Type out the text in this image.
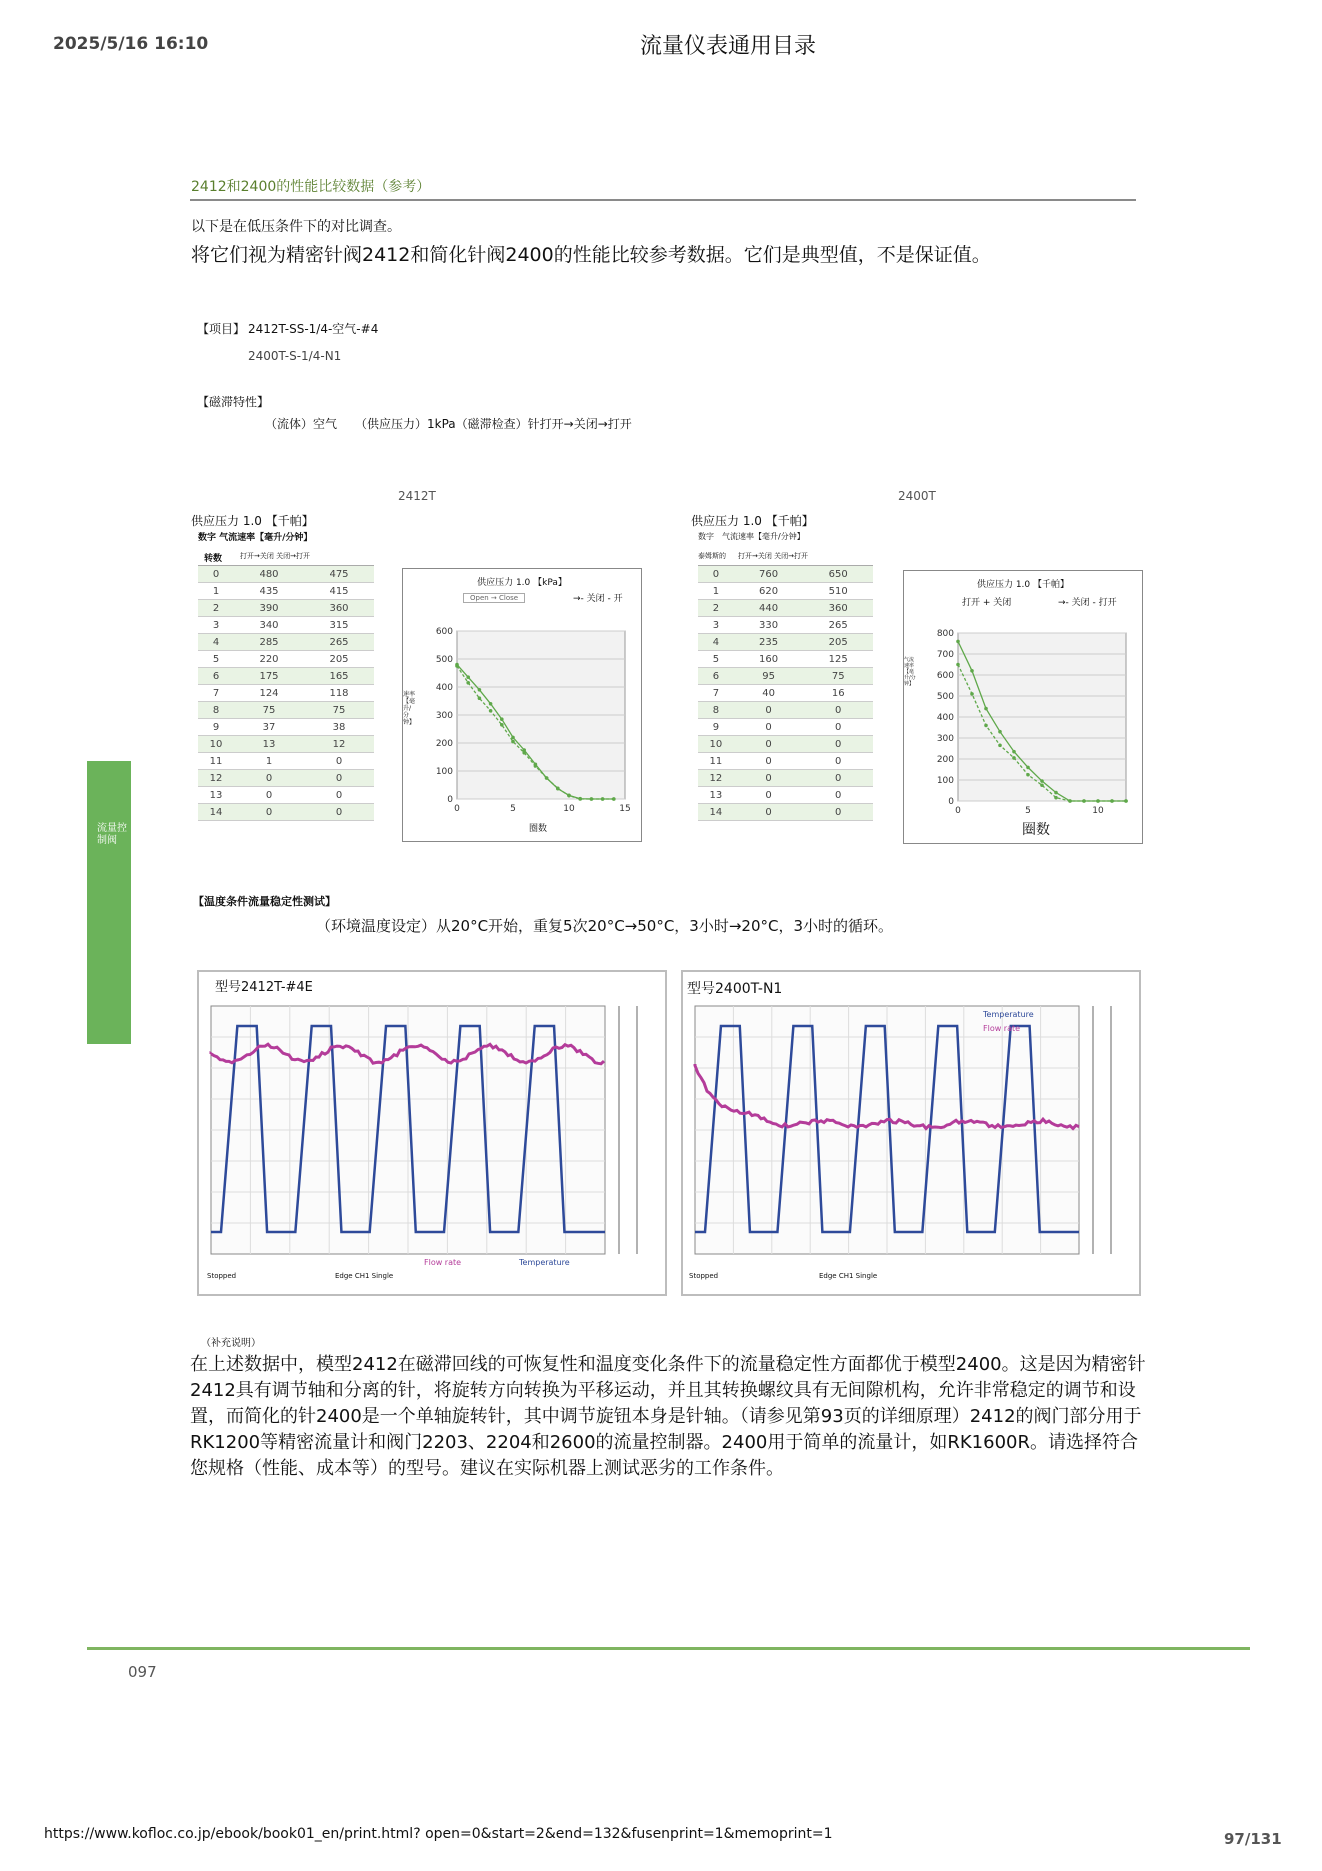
2025/5/16 16:10	流量仪表通用目录
2412和2400的性能比较数据（参考）
以下是在低压条件下的对比调查。
将它们视为精密针阀2412和简化针阀2400的性能比较参考数据。它们是典型值，不是保证值。
【项目】 2412T-SS-1/4-空气-#4
2400T-S-1/4-N1
【磁滞特性】
（流体）空气　　（供应压力）1kPa（磁滞检查）针打开→关闭→打开
流量控制阀
2412T
供应压力 1.0 【千帕】
数字 气流速率【毫升/分钟】
转数	打开→关闭 关闭→打开
0	480	475
1	435	415
2	390	360
3	340	315
4	285	265
5	220	205
6	175	165
7	124	118
8	75	75
9	37	38
10	13	12
11	1	0
12	0	0
13	0	0
14	0	0
供应压力 1.0 【kPa】
Open → Close	→- 关闭 - 开
速率 【毫升/分钟】
圈数
0
100
200
300
400
500
600
0	5	10	15
2400T
供应压力 1.0 【千帕】
数字　气流速率【毫升/分钟】
泰姆斯的 打开→关闭 关闭→打开
0	760	650
1	620	510
2	440	360
3	330	265
4	235	205
5	160	125
6	95	75
7	40	16
8	0	0
9	0	0
10	0	0
11	0	0
12	0	0
13	0	0
14	0	0
供应压力 1.0 【千帕】
打开 + 关闭	→- 关闭 - 打开
气流速率【毫升/分钟】
圈数
0
100
200
300
400
500
600
700
800
0	5	10
【温度条件流量稳定性测试】
（环境温度设定）从20°C开始，重复5次20°C→50°C，3小时→20°C，3小时的循环。
型号2412T-#4E
Flow rate	Temperature
Stopped	Edge CH1 Single
型号2400T-N1
Temperature
Flow rate
Stopped	Edge CH1 Single
（补充说明）
在上述数据中，模型2412在磁滞回线的可恢复性和温度变化条件下的流量稳定性方面都优于模型2400。这是因为精密针2412具有调节轴和分离的针，将旋转方向转换为平移运动，并且其转换螺纹具有无间隙机构，允许非常稳定的调节和设置，而简化的针2400是一个单轴旋转针，其中调节旋钮本身是针轴。（请参见第93页的详细原理）2412的阀门部分用于RK1200等精密流量计和阀门2203、2204和2600的流量控制器。2400用于简单的流量计，如RK1600R。请选择符合您规格（性能、成本等）的型号。建议在实际机器上测试恶劣的工作条件。
097
https://www.kofloc.co.jp/ebook/book01_en/print.html? open=0&start=2&end=132&fusenprint=1&memoprint=1	97/131
